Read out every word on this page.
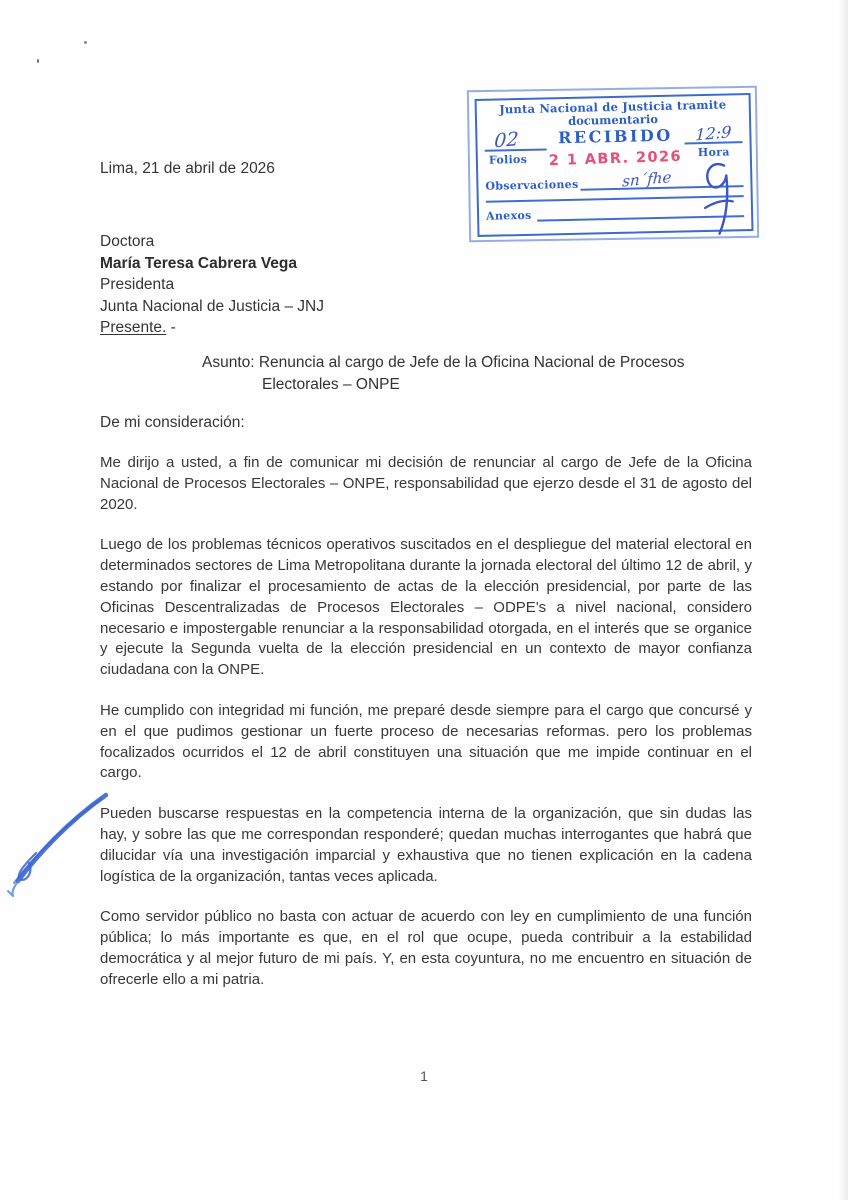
Junta Nacional de Justicia tramite
documentario
02
Folios
RECIBIDO
2 1 ABR. 2026
12:9
Hora
Observaciones	sn´fhe
Anexos
Lima, 21 de abril de 2026
Doctora
María Teresa Cabrera Vega
Presidenta
Junta Nacional de Justicia – JNJ
Presente. -
Asunto: Renuncia al cargo de Jefe de la Oficina Nacional de Procesos
Electorales – ONPE
De mi consideración:

Me dirijo a usted, a fin de comunicar mi decisión de renunciar al cargo de Jefe de la Oficina Nacional de Procesos Electorales – ONPE, responsabilidad que ejerzo desde el 31 de agosto del 2020.

Luego de los problemas técnicos operativos suscitados en el despliegue del material electoral en determinados sectores de Lima Metropolitana durante la jornada electoral del último 12 de abril, y estando por finalizar el procesamiento de actas de la elección presidencial, por parte de las Oficinas Descentralizadas de Procesos Electorales – ODPE's a nivel nacional, considero necesario e impostergable renunciar a la responsabilidad otorgada, en el interés que se organice y ejecute la Segunda vuelta de la elección presidencial en un contexto de mayor confianza ciudadana con la ONPE.

He cumplido con integridad mi función, me preparé desde siempre para el cargo que concursé y en el que pudimos gestionar un fuerte proceso de necesarias reformas. pero los problemas focalizados ocurridos el 12 de abril constituyen una situación que me impide continuar en el cargo.

Pueden buscarse respuestas en la competencia interna de la organización, que sin dudas las hay, y sobre las que me correspondan responderé; quedan muchas interrogantes que habrá que dilucidar vía una investigación imparcial y exhaustiva que no tienen explicación en la cadena logística de la organización, tantas veces aplicada.

Como servidor público no basta con actuar de acuerdo con ley en cumplimiento de una función pública; lo más importante es que, en el rol que ocupe, pueda contribuir a la estabilidad democrática y al mejor futuro de mi país. Y, en esta coyuntura, no me encuentro en situación de ofrecerle ello a mi patria.

1
